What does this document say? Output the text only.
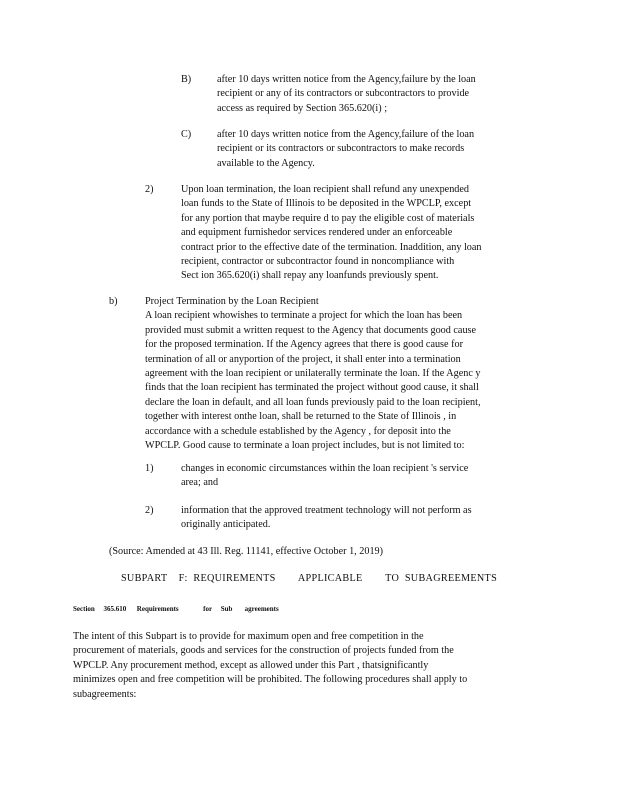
B)	after 10 days written notice from the Agency,failure by the loan
recipient or any of its contractors or subcontractors to provide
access as required by Section 365.620(i) ;
C)	after 10 days written notice from the Agency,failure of the loan
recipient or its contractors or subcontractors to make records
available to the Agency.
2)	Upon loan termination, the loan recipient shall refund any unexpended
loan funds to the State of Illinois to be deposited in the WPCLP, except
for any portion that maybe require d to pay the eligible cost of materials
and equipment furnishedor services rendered under an enforceable
contract prior to the effective date of the termination. Inaddition, any loan
recipient, contractor or subcontractor found in noncompliance with
Sect ion 365.620(i) shall repay any loanfunds previously spent.
b)	Project Termination by the Loan Recipient
A loan recipient whowishes to terminate a project for which the loan has been
provided must submit a written request to the Agency that documents good cause
for the proposed termination. If the Agency agrees that there is good cause for
termination of all or anyportion of the project, it shall enter into a termination
agreement with the loan recipient or unilaterally terminate the loan. If the Agenc y
finds that the loan recipient has terminated the project without good cause, it shall
declare the loan in default, and all loan funds previously paid to the loan recipient,
together with interest onthe loan, shall be returned to the State of Illinois , in
accordance with a schedule established by the Agency , for deposit into the
WPCLP. Good cause to terminate a loan project includes, but is not limited to:
1)	changes in economic circumstances within the loan recipient 's service
area; and
2)	information that the approved treatment technology will not perform as
originally anticipated.
(Source: Amended at 43 Ill. Reg. 11141, effective October 1, 2019)
SUBPART    F:  REQUIREMENTS        APPLICABLE        TO  SUBAGREEMENTS
Section     365.610      Requirements              for     Sub       agreements
The intent of this Subpart is to provide for maximum open and free competition in the
procurement of materials, goods and services for the construction of projects funded from the
WPCLP. Any procurement method, except as allowed under this Part , thatsignificantly
minimizes open and free competition will be prohibited. The following procedures shall apply to
subagreements:
